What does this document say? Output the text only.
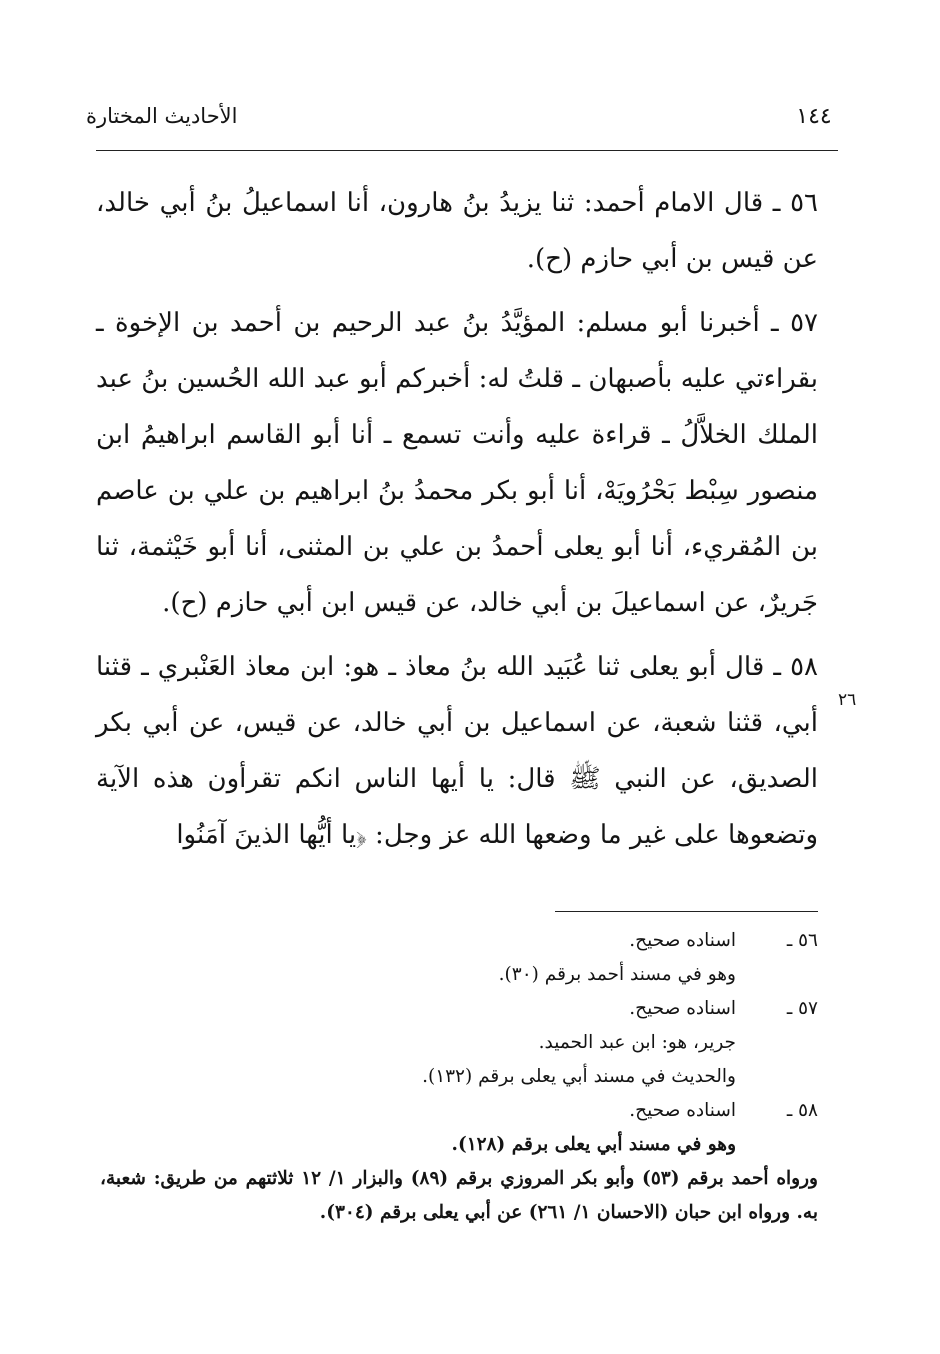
١٤٤
الأحاديث المختارة

٥٦ ـ قال الامام أحمد: ثنا يزيدُ بنُ هارون، أنا اسماعيلُ بنُ أبي خالد، عن قيس بن أبي حازم (ح).

٥٧ ـ أخبرنا أبو مسلم: المؤيَّدُ بنُ عبد الرحيم بن أحمد بن الإخوة ـ بقراءتي عليه بأصبهان ـ قلتُ له: أخبركم أبو عبد الله الحُسين بنُ عبد الملك الخلاَّلُ ـ قراءة عليه وأنت تسمع ـ أنا أبو القاسم ابراهيمُ ابن منصور سِبْط بَحْرُويَهْ، أنا أبو بكر محمدُ بنُ ابراهيم بن علي بن عاصم بن المُقريء، أنا أبو يعلى أحمدُ بن علي بن المثنى، أنا أبو خَيْثمة، ثنا جَريرٌ، عن اسماعيلَ بن أبي خالد، عن قيس ابن أبي حازم (ح).

٥٨ ـ قال أبو يعلى ثنا عُبَيد الله بنُ معاذ ـ هو: ابن معاذ العَنْبري ـ قثنا أبي، قثنا شعبة، عن اسماعيل بن أبي خالد، عن قيس، عن أبي بكر الصديق، عن النبي ﷺ قال: يا أيها الناس انكم تقرأون هذه الآية وتضعوها على غير ما وضعها الله عز وجل: ﴿يا أيُّها الذينَ آمَنُوا

٢٦
٥٦ ـ
اسناده صحيح.
وهو في مسند أحمد برقم (٣٠).
٥٧ ـ
اسناده صحيح.
جرير، هو: ابن عبد الحميد.
والحديث في مسند أبي يعلى برقم (١٣٢).
٥٨ ـ
اسناده صحيح.
وهو في مسند أبي يعلى برقم (١٢٨).
ورواه أحمد برقم (٥٣) وأبو بكر المروزي برقم (٨٩) والبزار ١/ ١٢ ثلاثتهم من طريق: شعبة، به. ورواه ابن حبان (الاحسان ١/ ٢٦١) عن أبي يعلى برقم (٣٠٤).
